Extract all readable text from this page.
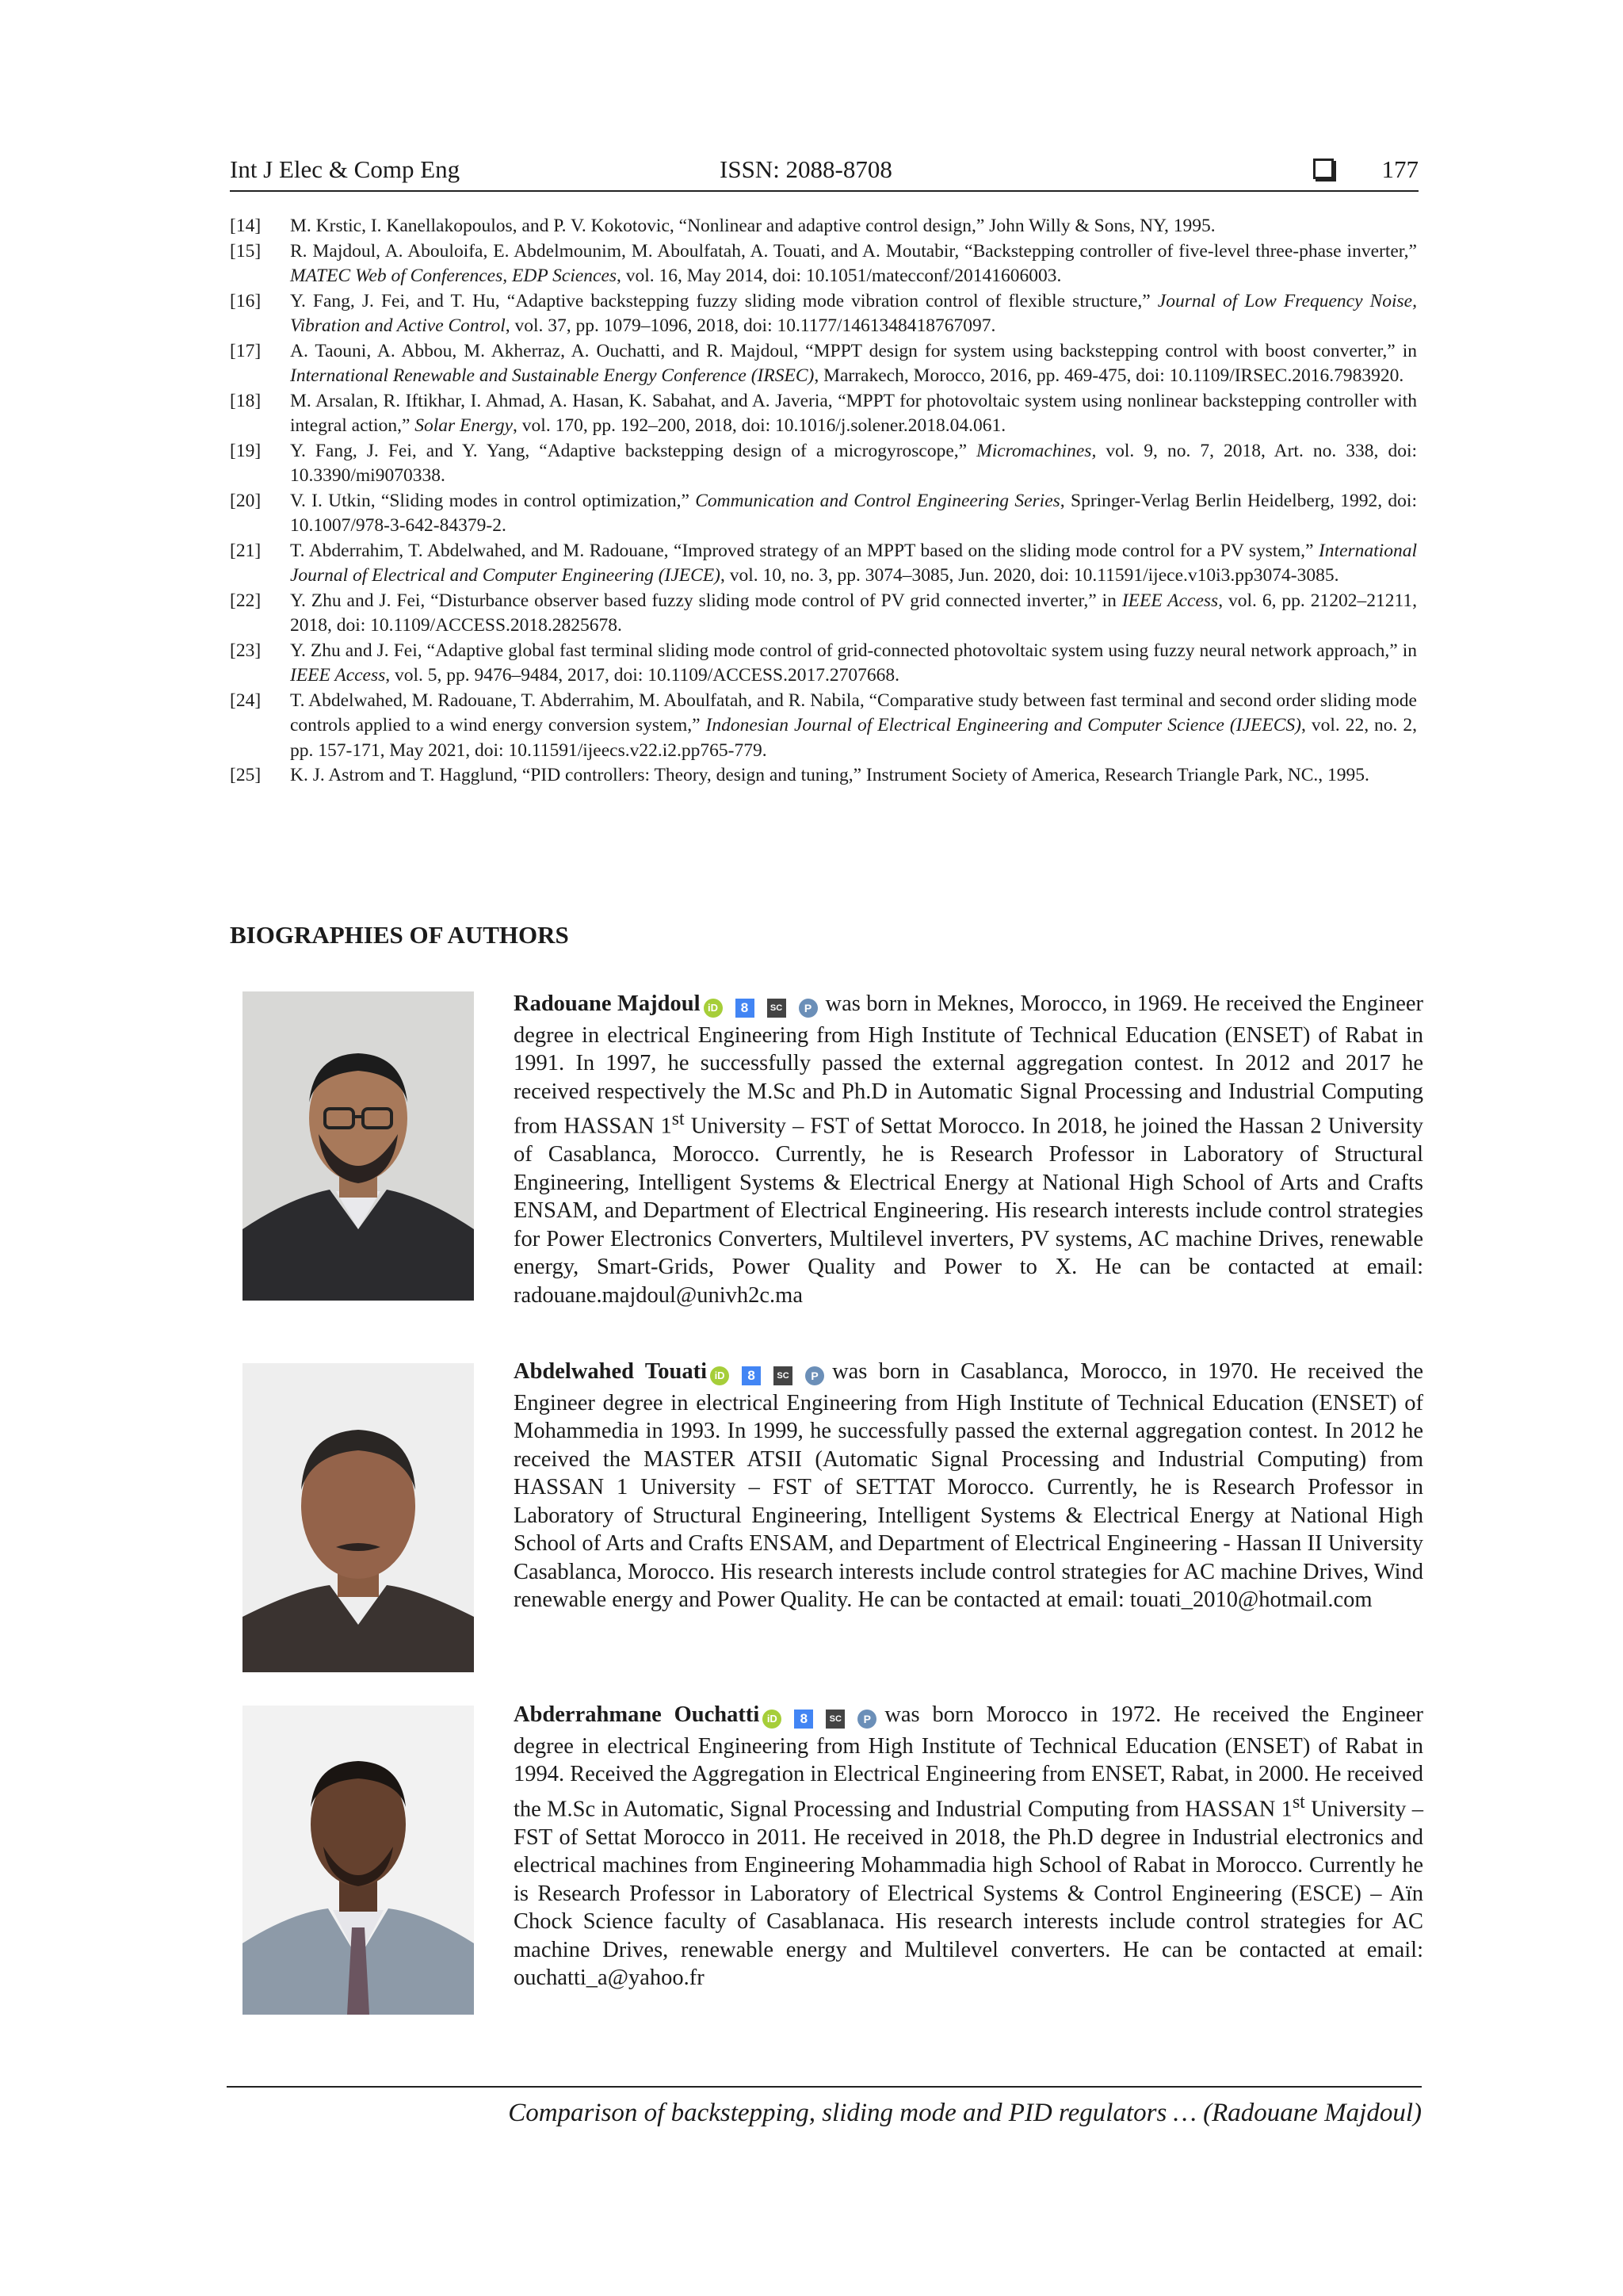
Int J Elec & Comp Eng	ISSN: 2088-8708	177
[14]	M. Krstic, I. Kanellakopoulos, and P. V. Kokotovic, “Nonlinear and adaptive control design,” John Willy & Sons, NY, 1995.
[15]	R. Majdoul, A. Abouloifa, E. Abdelmounim, M. Aboulfatah, A. Touati, and A. Moutabir, “Backstepping controller of five-level three-phase inverter,” MATEC Web of Conferences, EDP Sciences, vol. 16, May 2014, doi: 10.1051/matecconf/20141606003.
[16]	Y. Fang, J. Fei, and T. Hu, “Adaptive backstepping fuzzy sliding mode vibration control of flexible structure,” Journal of Low Frequency Noise, Vibration and Active Control, vol. 37, pp. 1079–1096, 2018, doi: 10.1177/1461348418767097.
[17]	A. Taouni, A. Abbou, M. Akherraz, A. Ouchatti, and R. Majdoul, “MPPT design for system using backstepping control with boost converter,” in International Renewable and Sustainable Energy Conference (IRSEC), Marrakech, Morocco, 2016, pp. 469-475, doi: 10.1109/IRSEC.2016.7983920.
[18]	M. Arsalan, R. Iftikhar, I. Ahmad, A. Hasan, K. Sabahat, and A. Javeria, “MPPT for photovoltaic system using nonlinear backstepping controller with integral action,” Solar Energy, vol. 170, pp. 192–200, 2018, doi: 10.1016/j.solener.2018.04.061.
[19]	Y. Fang, J. Fei, and Y. Yang, “Adaptive backstepping design of a microgyroscope,” Micromachines, vol. 9, no. 7, 2018, Art. no. 338, doi: 10.3390/mi9070338.
[20]	V. I. Utkin, “Sliding modes in control optimization,” Communication and Control Engineering Series, Springer-Verlag Berlin Heidelberg, 1992, doi: 10.1007/978-3-642-84379-2.
[21]	T. Abderrahim, T. Abdelwahed, and M. Radouane, “Improved strategy of an MPPT based on the sliding mode control for a PV system,” International Journal of Electrical and Computer Engineering (IJECE), vol. 10, no. 3, pp. 3074–3085, Jun. 2020, doi: 10.11591/ijece.v10i3.pp3074-3085.
[22]	Y. Zhu and J. Fei, “Disturbance observer based fuzzy sliding mode control of PV grid connected inverter,” in IEEE Access, vol. 6, pp. 21202–21211, 2018, doi: 10.1109/ACCESS.2018.2825678.
[23]	Y. Zhu and J. Fei, “Adaptive global fast terminal sliding mode control of grid-connected photovoltaic system using fuzzy neural network approach,” in IEEE Access, vol. 5, pp. 9476–9484, 2017, doi: 10.1109/ACCESS.2017.2707668.
[24]	T. Abdelwahed, M. Radouane, T. Abderrahim, M. Aboulfatah, and R. Nabila, “Comparative study between fast terminal and second order sliding mode controls applied to a wind energy conversion system,” Indonesian Journal of Electrical Engineering and Computer Science (IJEECS), vol. 22, no. 2, pp. 157-171, May 2021, doi: 10.11591/ijeecs.v22.i2.pp765-779.
[25]	K. J. Astrom and T. Hagglund, “PID controllers: Theory, design and tuning,” Instrument Society of America, Research Triangle Park, NC., 1995.
BIOGRAPHIES OF AUTHORS
Radouane Majdoul iD 8	SC P was born in Meknes, Morocco, in 1969. He received the Engineer degree in electrical Engineering from High Institute of Technical Education (ENSET) of Rabat in 1991. In 1997, he successfully passed the external aggregation contest. In 2012 and 2017 he received respectively the M.Sc and Ph.D in Automatic Signal Processing and Industrial Computing from HASSAN 1st University – FST of Settat Morocco. In 2018, he joined the Hassan 2 University of Casablanca, Morocco. Currently, he is Research Professor in Laboratory of Structural Engineering, Intelligent Systems & Electrical Energy at National High School of Arts and Crafts ENSAM, and Department of Electrical Engineering. His research interests include control strategies for Power Electronics Converters, Multilevel inverters, PV systems, AC machine Drives, renewable energy, Smart-Grids, Power Quality and Power to X. He can be contacted at email: radouane.majdoul@univh2c.ma
Abdelwahed Touati iD 8	SC P was born in Casablanca, Morocco, in 1970. He received the Engineer degree in electrical Engineering from High Institute of Technical Education (ENSET) of Mohammedia in 1993. In 1999, he successfully passed the external aggregation contest. In 2012 he received the MASTER ATSII (Automatic Signal Processing and Industrial Computing) from HASSAN 1 University – FST of SETTAT Morocco. Currently, he is Research Professor in Laboratory of Structural Engineering, Intelligent Systems & Electrical Energy at National High School of Arts and Crafts ENSAM, and Department of Electrical Engineering - Hassan II University Casablanca, Morocco. His research interests include control strategies for AC machine Drives, Wind renewable energy and Power Quality. He can be contacted at email: touati_2010@hotmail.com
Abderrahmane Ouchatti iD 8	SC P was born Morocco in 1972. He received the Engineer degree in electrical Engineering from High Institute of Technical Education (ENSET) of Rabat in 1994. Received the Aggregation in Electrical Engineering from ENSET, Rabat, in 2000. He received the M.Sc in Automatic, Signal Processing and Industrial Computing from HASSAN 1st University – FST of Settat Morocco in 2011. He received in 2018, the Ph.D degree in Industrial electronics and electrical machines from Engineering Mohammadia high School of Rabat in Morocco. Currently he is Research Professor in Laboratory of Electrical Systems & Control Engineering (ESCE) – Aïn Chock Science faculty of Casablanaca. His research interests include control strategies for AC machine Drives, renewable energy and Multilevel converters. He can be contacted at email: ouchatti_a@yahoo.fr
Comparison of backstepping, sliding mode and PID regulators … (Radouane Majdoul)
